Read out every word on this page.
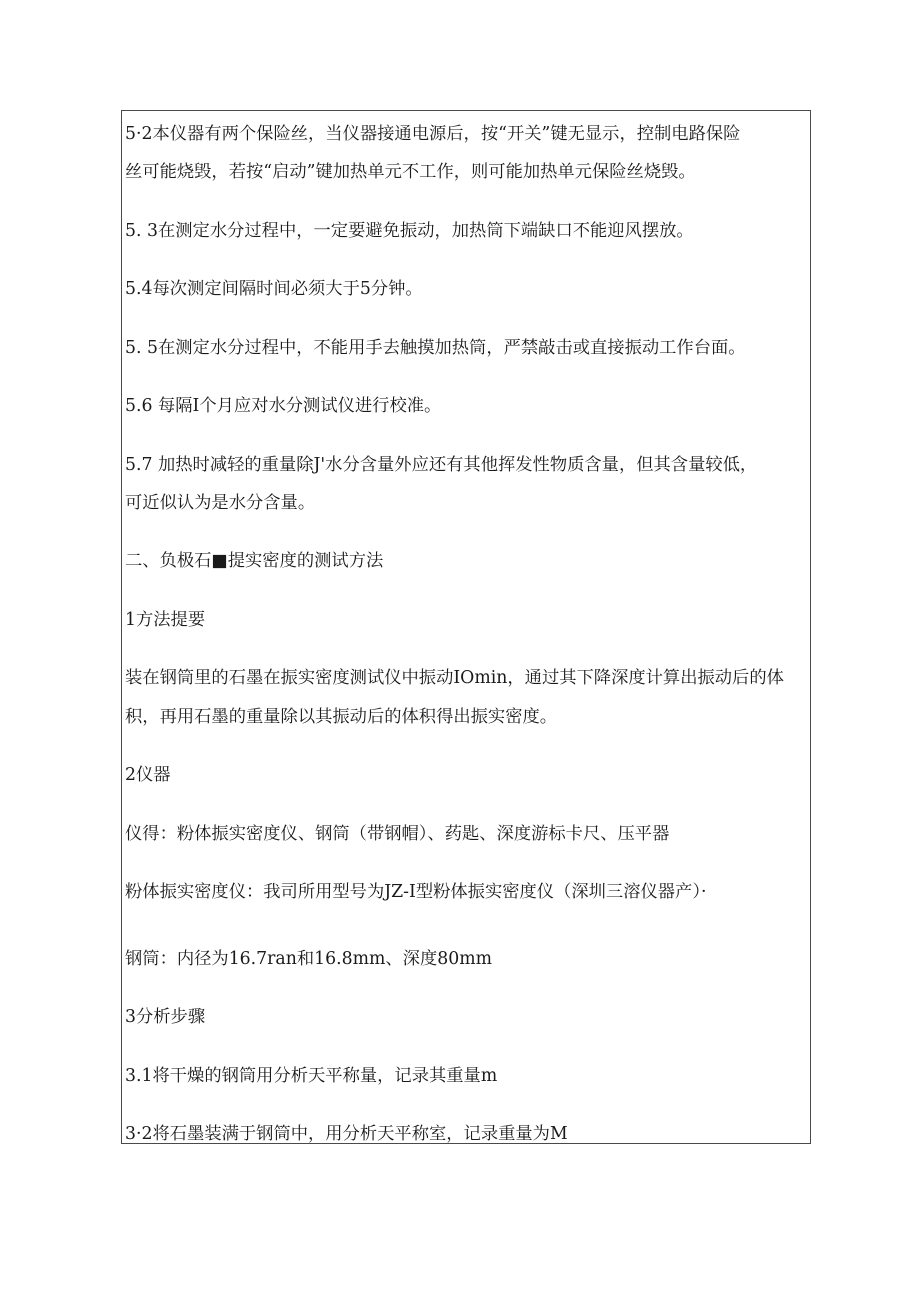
5·2本仪器有两个保险丝，当仪器接通电源后，按“开关”键无显示，控制电路保险
丝可能烧毁，若按“启动”键加热单元不工作，则可能加热单元保险丝烧毁。
5. 3在测定水分过程中，一定要避免振动，加热筒下端缺口不能迎风摆放。
5.4每次测定间隔时间必须大于5分钟。
5. 5在测定水分过程中，不能用手去触摸加热筒，严禁敲击或直接振动工作台面。
5.6 每隔I个月应对水分测试仪进行校准。
5.7 加热时减轻的重量除J'水分含量外应还有其他挥发性物质含量，但其含量较低，
可近似认为是水分含量。
二、负极石■提实密度的测试方法
1方法提要
装在钢筒里的石墨在振实密度测试仪中振动IOmin，通过其下降深度计算出振动后的体
积，再用石墨的重量除以其振动后的体积得出振实密度。
2仪器
仪得：粉体振实密度仪、钢筒（带钢帽）、药匙、深度游标卡尺、压平器
粉体振实密度仪：我司所用型号为JZ-I型粉体振实密度仪（深圳三溶仪器产）·
钢筒：内径为16.7ran和16.8mm、深度80mm
3分析步骤
3.1将干燥的钢筒用分析天平称量，记录其重量m
3·2将石墨装满于钢筒中，用分析天平称室，记录重量为M
